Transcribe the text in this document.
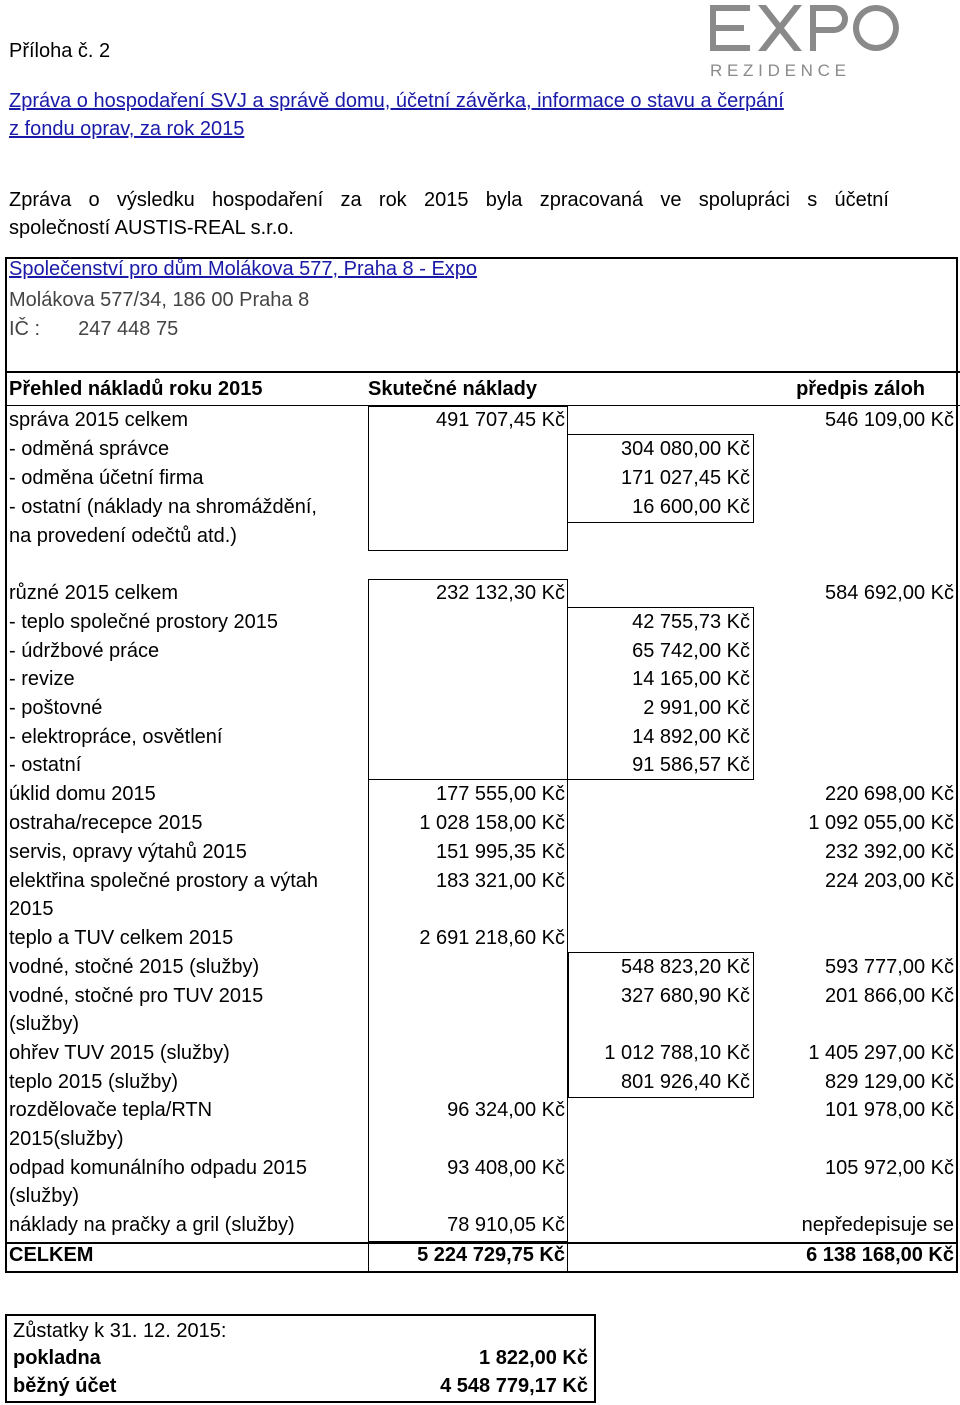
Příloha č. 2
R E Z I D E N C E
Zpráva o hospodaření SVJ a správě domu, účetní závěrka, informace o stavu a čerpání
z fondu oprav, za rok 2015
Zpráva o výsledku hospodaření za rok 2015 byla zpracovaná ve spolupráci s účetní
společností AUSTIS-REAL s.r.o.
Společenství pro dům Molákova 577, Praha 8 - Expo
Molákova 577/34, 186 00 Praha 8
IČ : 247 448 75
Přehled nákladů roku 2015	Skutečné náklady	předpis záloh
správa 2015 celkem	491 707,45 Kč	546 109,00 Kč
- odměná správce	304 080,00 Kč
- odměna účetní firma	171 027,45 Kč
- ostatní (náklady na shromáždění,	16 600,00 Kč
na provedení odečtů atd.)
různé 2015 celkem	232 132,30 Kč	584 692,00 Kč
- teplo společné prostory 2015	42 755,73 Kč
- údržbové práce	65 742,00 Kč
- revize	14 165,00 Kč
- poštovné	2 991,00 Kč
- elektropráce, osvětlení	14 892,00 Kč
- ostatní	91 586,57 Kč
úklid domu 2015	177 555,00 Kč	220 698,00 Kč
ostraha/recepce 2015	1 028 158,00 Kč	1 092 055,00 Kč
servis, opravy výtahů 2015	151 995,35 Kč	232 392,00 Kč
elektřina společné prostory a výtah	183 321,00 Kč	224 203,00 Kč
2015
teplo a TUV celkem 2015	2 691 218,60 Kč
vodné, stočné 2015 (služby)	548 823,20 Kč	593 777,00 Kč
vodné, stočné pro TUV 2015	327 680,90 Kč	201 866,00 Kč
(služby)
ohřev TUV 2015 (služby)	1 012 788,10 Kč	1 405 297,00 Kč
teplo 2015 (služby)	801 926,40 Kč	829 129,00 Kč
rozdělovače tepla/RTN	96 324,00 Kč	101 978,00 Kč
2015(služby)
odpad komunálního odpadu 2015	93 408,00 Kč	105 972,00 Kč
(služby)
náklady na pračky a gril (služby)	78 910,05 Kč	nepředepisuje se
CELKEM	5 224 729,75 Kč	6 138 168,00 Kč
Zůstatky k 31. 12. 2015:
pokladna	1 822,00 Kč
běžný účet	4 548 779,17 Kč
